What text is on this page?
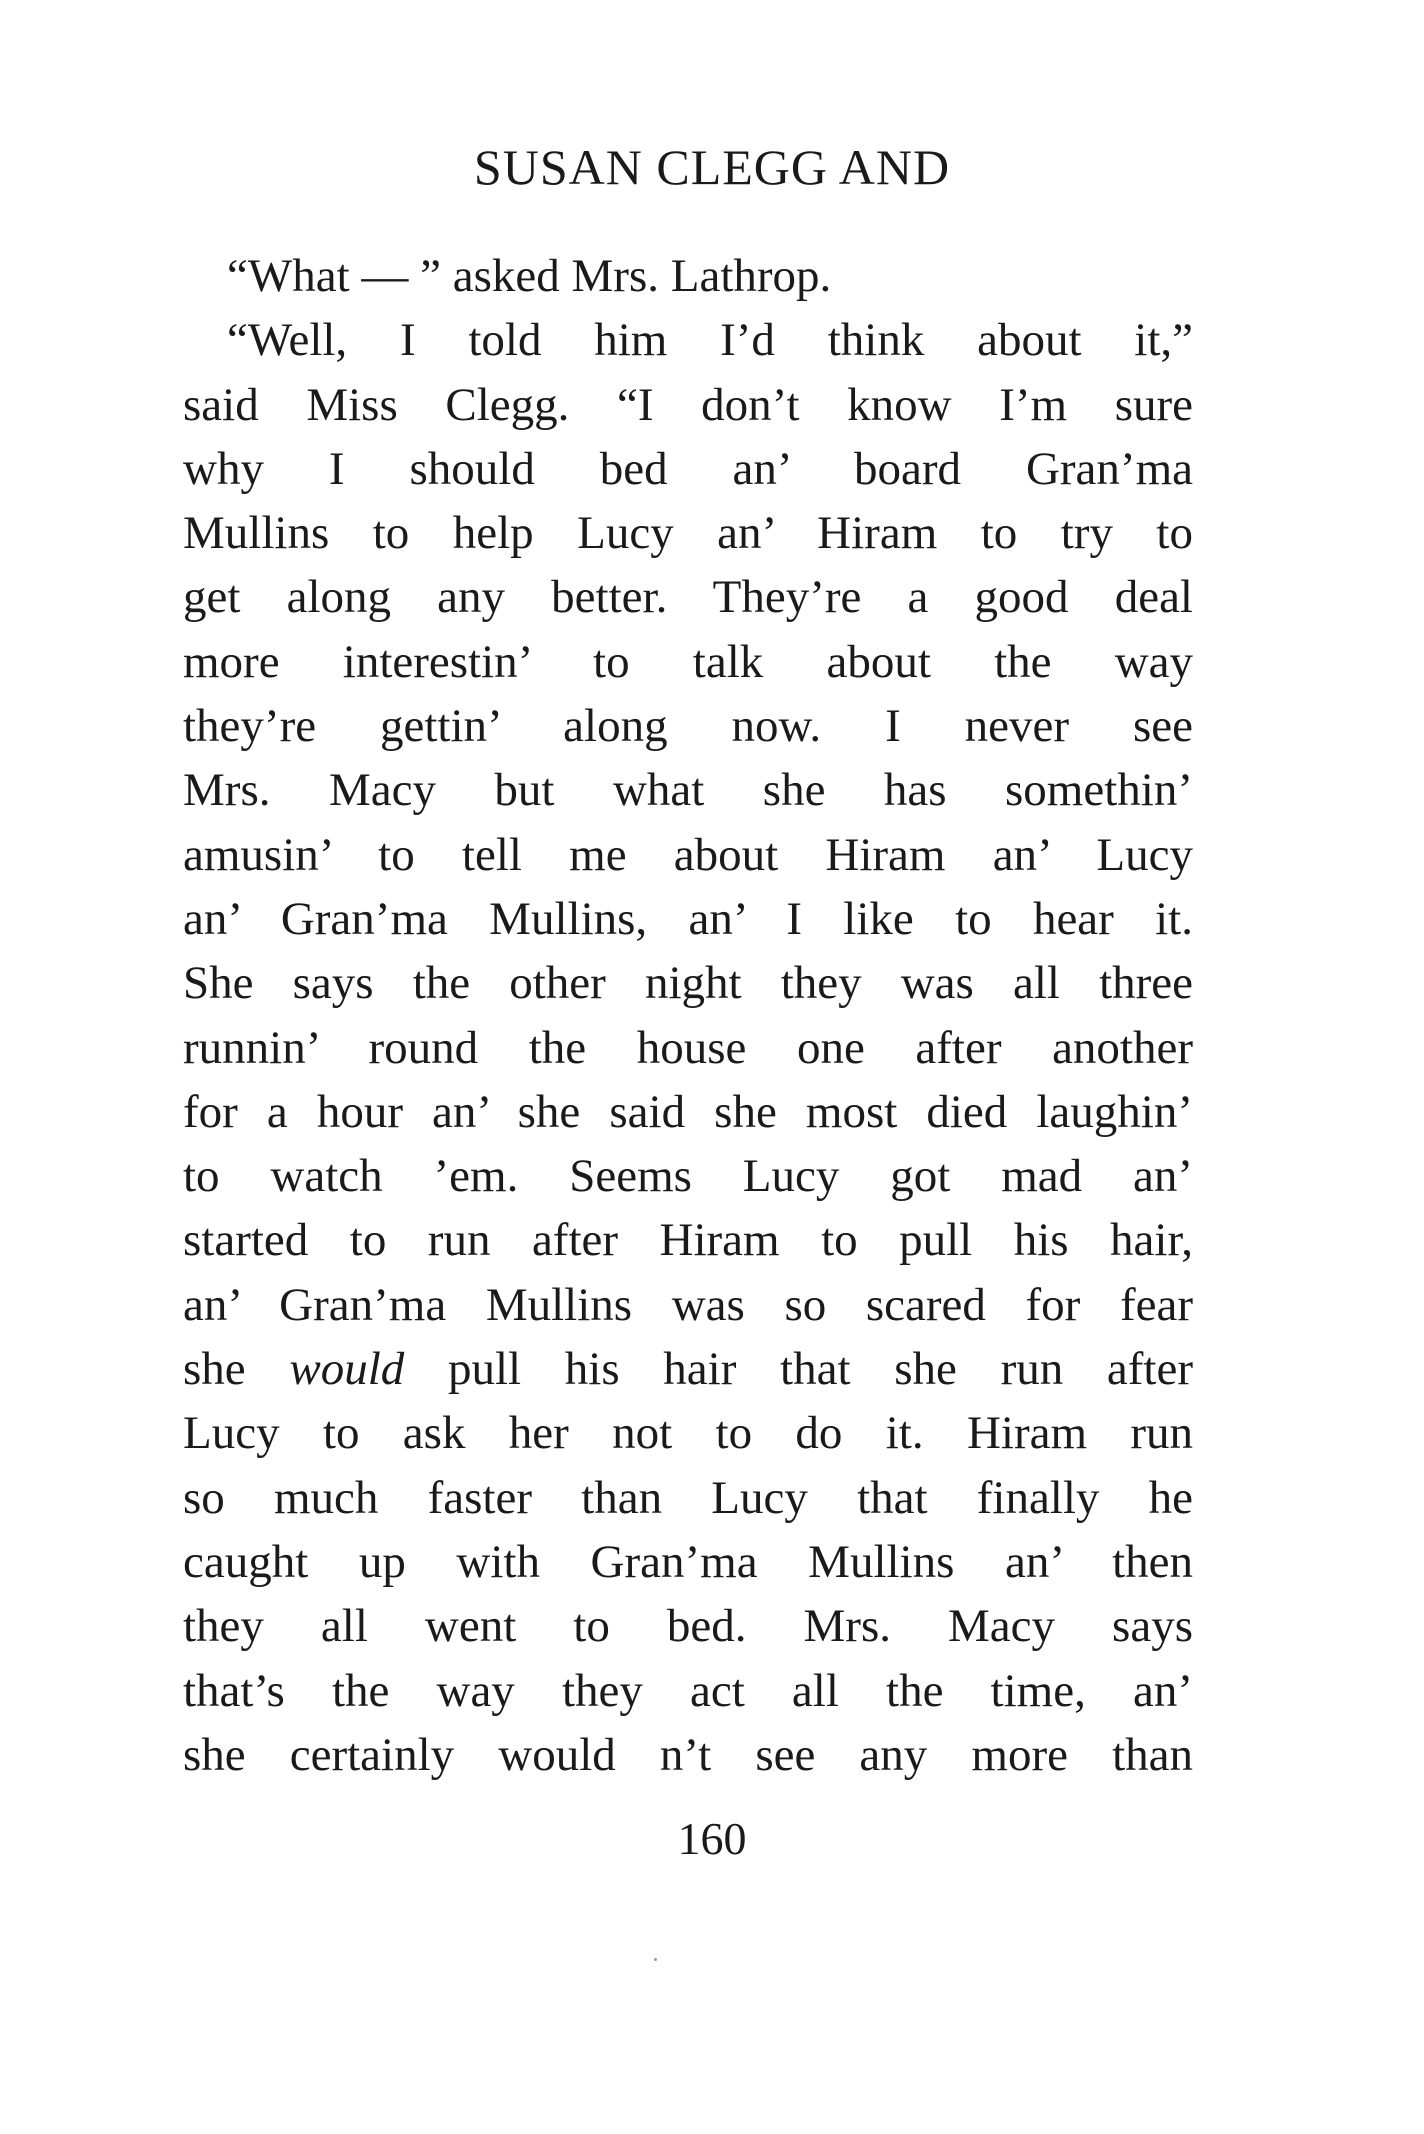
SUSAN CLEGG AND
“What — ” asked Mrs. Lathrop.
“Well, I told him I’d think about it,”
said Miss Clegg. “I don’t know I’m sure
why I should bed an’ board Gran’ma
Mullins to help Lucy an’ Hiram to try to
get along any better. They’re a good deal
more interestin’ to talk about the way
they’re gettin’ along now. I never see
Mrs. Macy but what she has somethin’
amusin’ to tell me about Hiram an’ Lucy
an’ Gran’ma Mullins, an’ I like to hear it.
She says the other night they was all three
runnin’ round the house one after another
for a hour an’ she said she most died laughin’
to watch ’em. Seems Lucy got mad an’
started to run after Hiram to pull his hair,
an’ Gran’ma Mullins was so scared for fear
she would pull his hair that she run after
Lucy to ask her not to do it. Hiram run
so much faster than Lucy that finally he
caught up with Gran’ma Mullins an’ then
they all went to bed. Mrs. Macy says
that’s the way they act all the time, an’
she certainly would n’t see any more than
160
